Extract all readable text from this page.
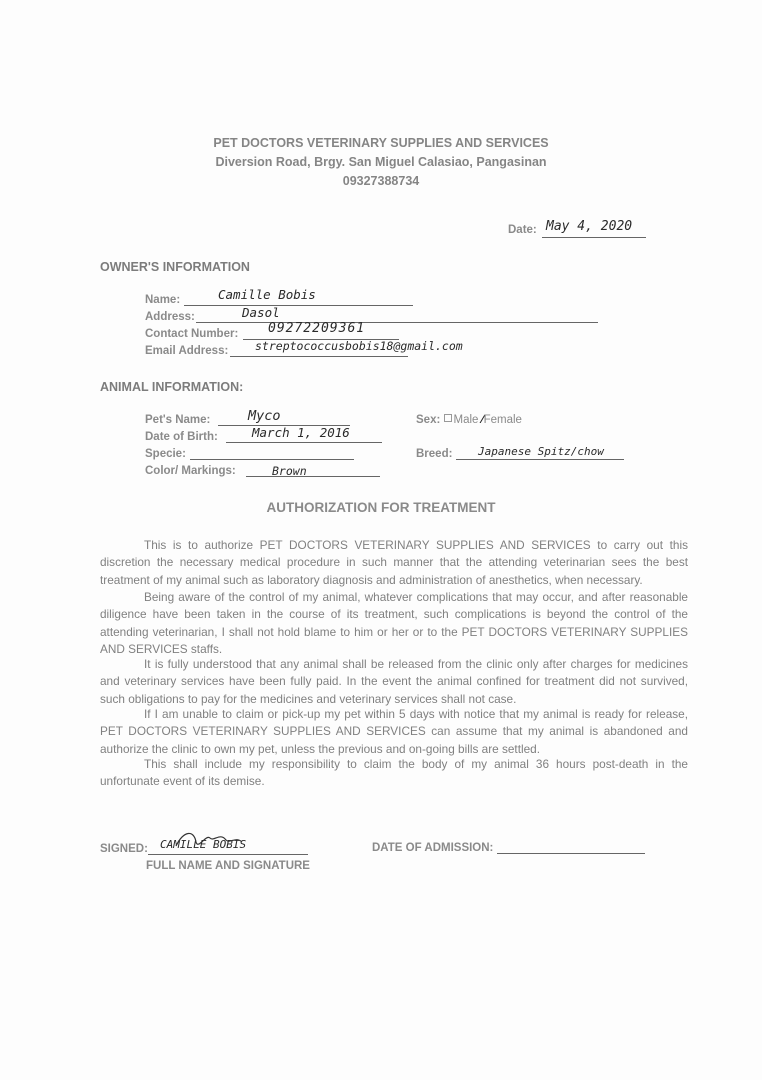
PET DOCTORS VETERINARY SUPPLIES AND SERVICES
Diversion Road, Brgy. San Miguel Calasiao, Pangasinan
09327388734
Date: May 4, 2020
OWNER'S INFORMATION
Name:	Camille Bobis
Address:	Dasol
Contact Number: 09272209361
Email Address: streptococcusbobis18@gmail.com
ANIMAL INFORMATION:
Pet's Name:	Myco
Date of Birth:	March 1, 2016
Specie:
Color/ Markings:	Brown
Sex: Male ⁄Female
Breed: Japanese Spitz/chow
AUTHORIZATION FOR TREATMENT

This is to authorize PET DOCTORS VETERINARY SUPPLIES AND SERVICES to carry out this discretion the necessary medical procedure in such manner that the attending veterinarian sees the best treatment of my animal such as laboratory diagnosis and administration of anesthetics, when necessary.

Being aware of the control of my animal, whatever complications that may occur, and after reasonable diligence have been taken in the course of its treatment, such complications is beyond the control of the attending veterinarian, I shall not hold blame to him or her or to the PET DOCTORS VETERINARY SUPPLIES AND SERVICES staffs.

It is fully understood that any animal shall be released from the clinic only after charges for medicines and veterinary services have been fully paid. In the event the animal confined for treatment did not survived, such obligations to pay for the medicines and veterinary services shall not case.

If I am unable to claim or pick-up my pet within 5 days with notice that my animal is ready for release, PET DOCTORS VETERINARY SUPPLIES AND SERVICES can assume that my animal is abandoned and authorize the clinic to own my pet, unless the previous and on-going bills are settled.

This shall include my responsibility to claim the body of my animal 36 hours post-death in the unfortunate event of its demise.

SIGNED: CAMILLE BOBIS
FULL NAME AND SIGNATURE
DATE OF ADMISSION:
